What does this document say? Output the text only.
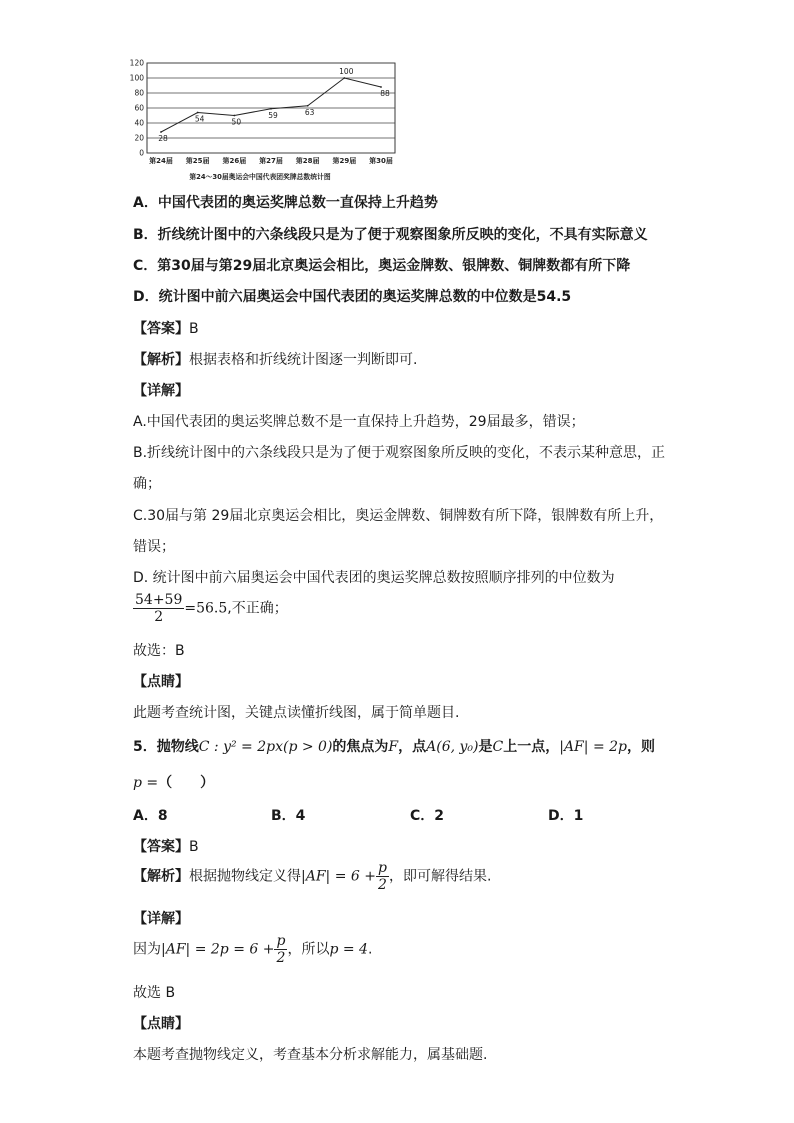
0
20
40
60
80
100
120
第24届 第25届 第26届 第27届 第28届 第29届 第30届
28
54	50
59	63
100
88
第24～30届奥运会中国代表团奖牌总数统计图
A．中国代表团的奥运奖牌总数一直保持上升趋势
B．折线统计图中的六条线段只是为了便于观察图象所反映的变化，不具有实际意义
C．第30届与第29届北京奥运会相比，奥运金牌数、银牌数、铜牌数都有所下降
D．统计图中前六届奥运会中国代表团的奥运奖牌总数的中位数是54.5
【答案】B
【解析】根据表格和折线统计图逐一判断即可.
【详解】
A.中国代表团的奥运奖牌总数不是一直保持上升趋势，29届最多，错误；
B.折线统计图中的六条线段只是为了便于观察图象所反映的变化，不表示某种意思，正
确；
C.30届与第 29届北京奥运会相比，奥运金牌数、铜牌数有所下降，银牌数有所上升，
错误；
D. 统计图中前六届奥运会中国代表团的奥运奖牌总数按照顺序排列的中位数为
$\frac{54+59}{2} =56.5$,不正确；
故选：B
【点睛】
此题考查统计图，关键点读懂折线图，属于简单题目.
5．抛物线C : y² = 2px(p > 0)的焦点为F，点A(6, y₀)是C上一点，|AF| = 2p，则
p =（　　）
A．8	B．4	C．2	D．1
【答案】B
【解析】根据抛物线定义得$|AF| = 6 + \frac{p}{2}$ ，即可解得结果.
【详解】
因为$|AF| = 2p = 6 + \frac{p}{2}$ ，所以p = 4.
故选 B
【点睛】
本题考查抛物线定义，考查基本分析求解能力，属基础题.
